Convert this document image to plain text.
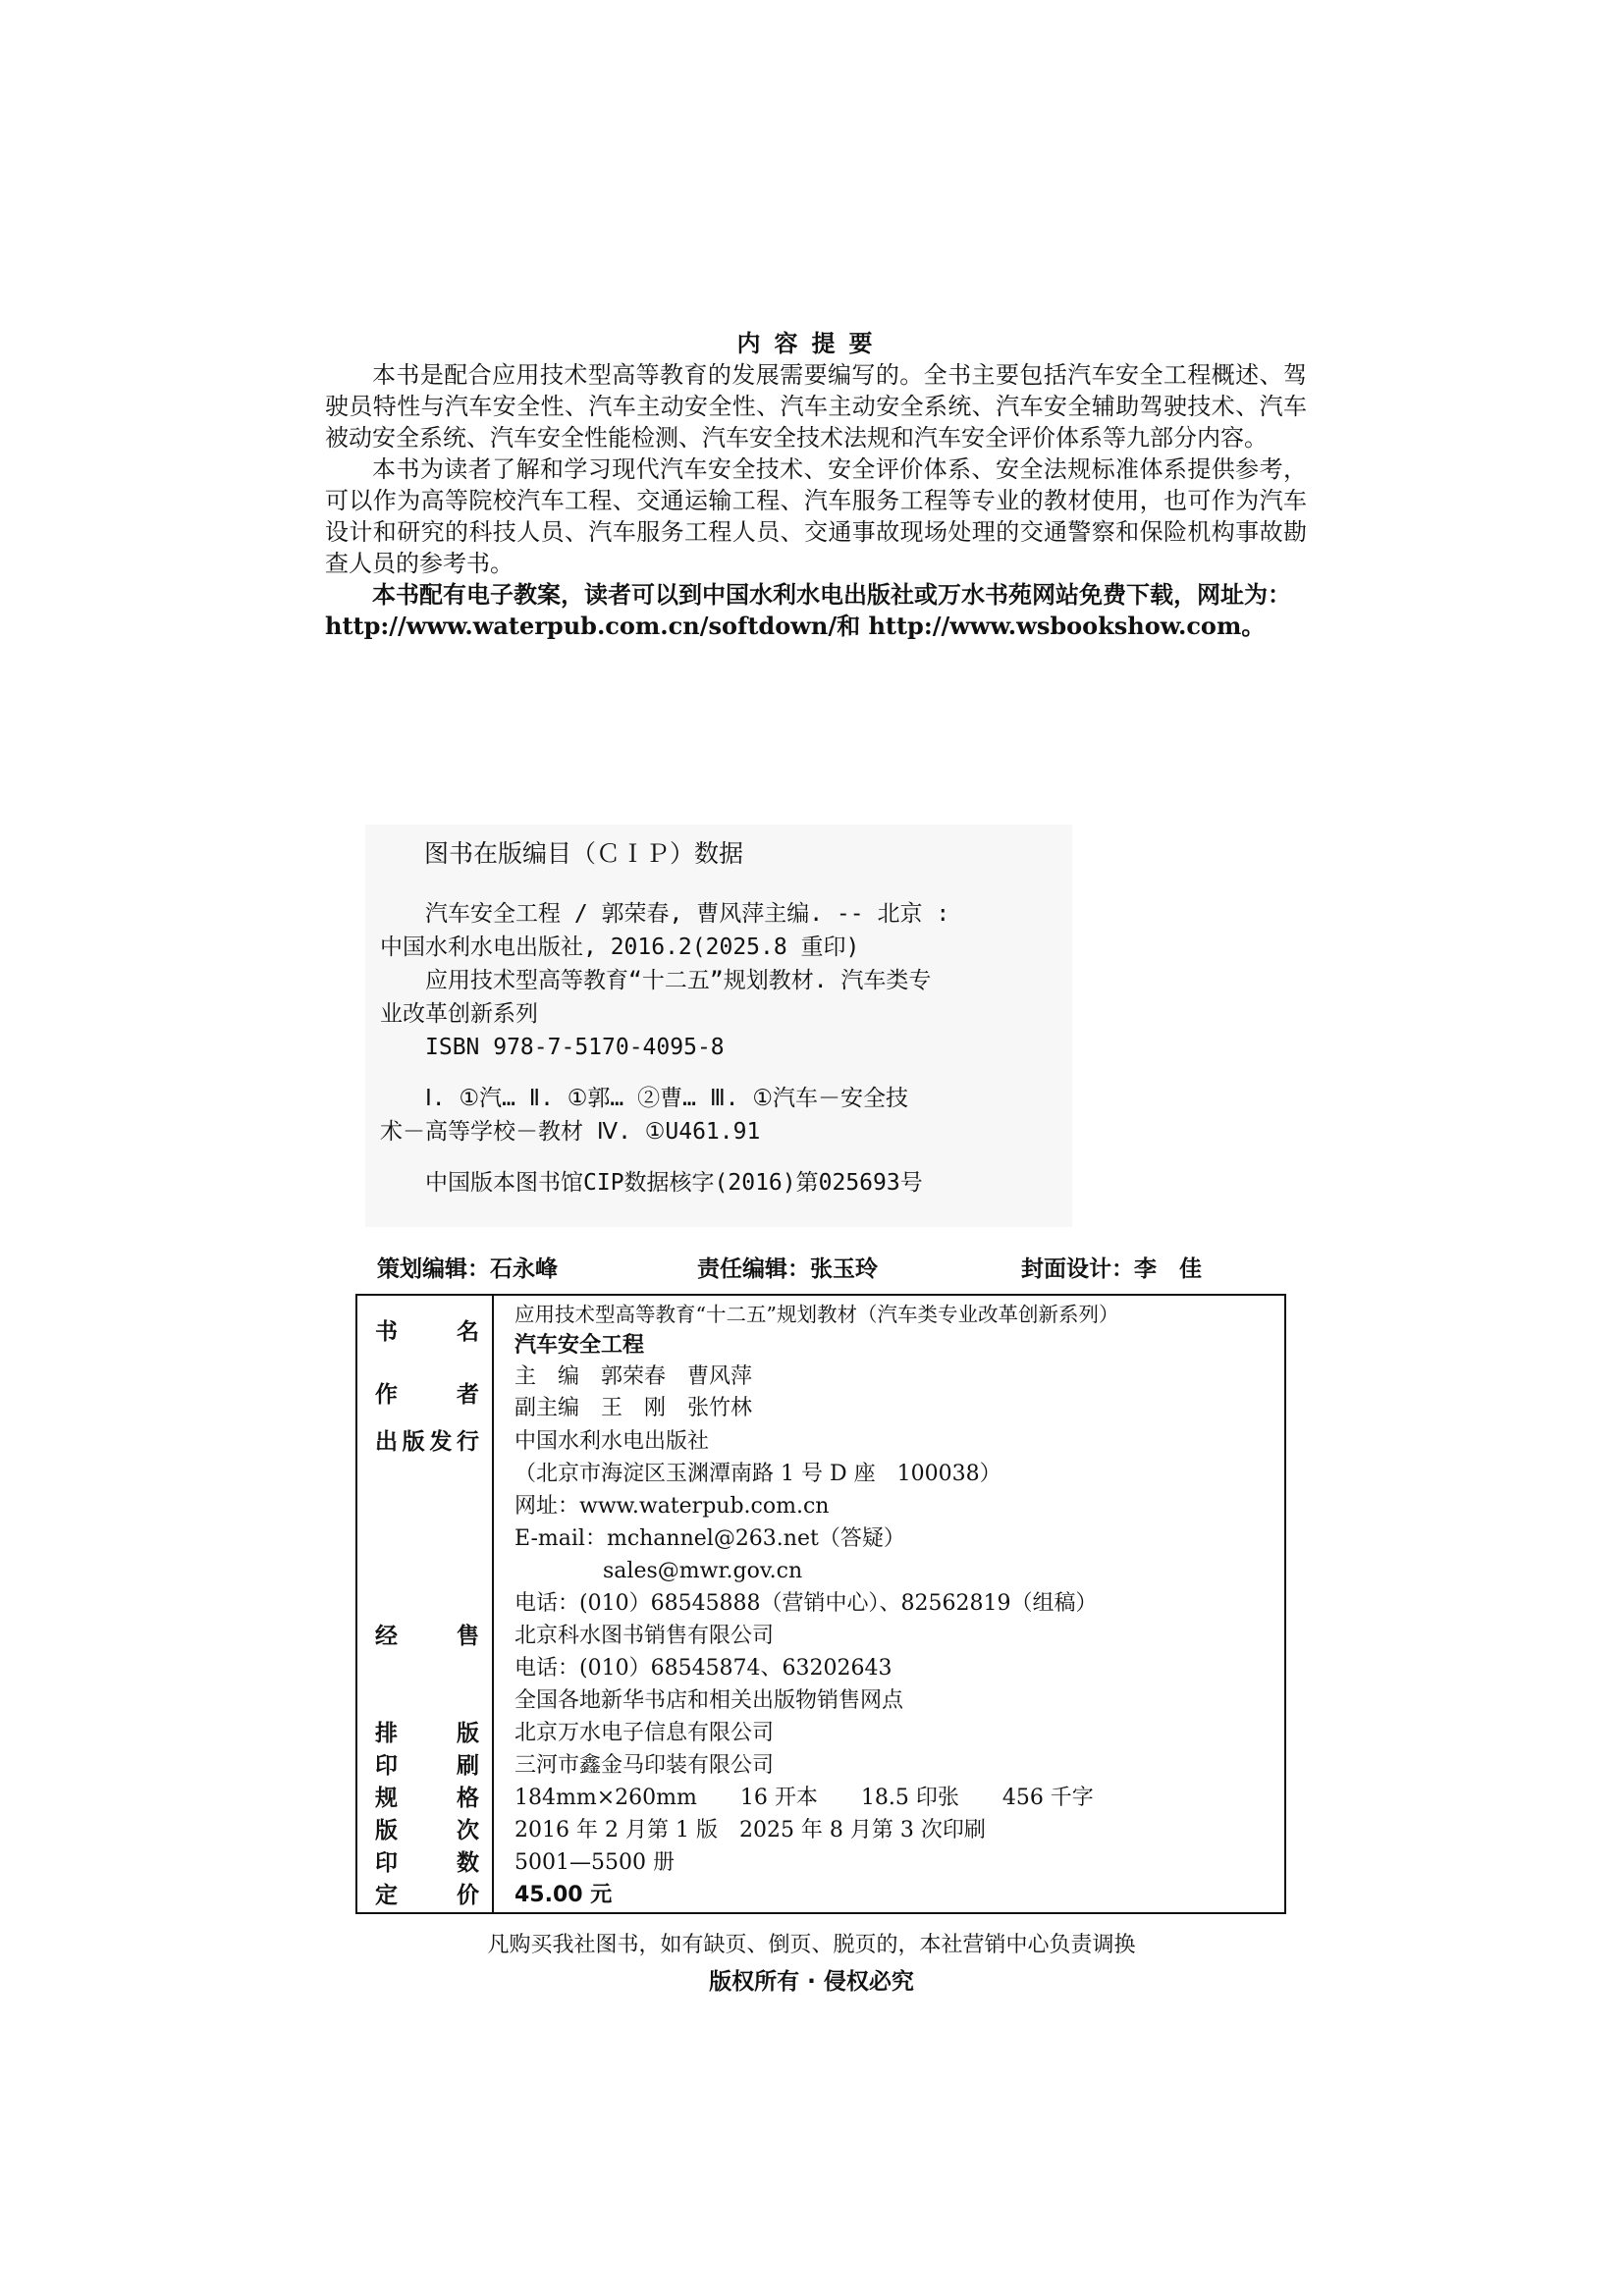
内容提要

本书是配合应用技术型高等教育的发展需要编写的。全书主要包括汽车安全工程概述、驾驶员特性与汽车安全性、汽车主动安全性、汽车主动安全系统、汽车安全辅助驾驶技术、汽车被动安全系统、汽车安全性能检测、汽车安全技术法规和汽车安全评价体系等九部分内容。

本书为读者了解和学习现代汽车安全技术、安全评价体系、安全法规标准体系提供参考，可以作为高等院校汽车工程、交通运输工程、汽车服务工程等专业的教材使用，也可作为汽车设计和研究的科技人员、汽车服务工程人员、交通事故现场处理的交通警察和保险机构事故勘查人员的参考书。

本书配有电子教案，读者可以到中国水利水电出版社或万水书苑网站免费下载，网址为：

http://www.waterpub.com.cn/softdown/和 http://www.wsbookshow.com。
图书在版编目（ＣＩＰ）数据
汽车安全工程 / 郭荣春, 曹风萍主编. -- 北京 :
中国水利水电出版社, 2016.2(2025.8 重印)
应用技术型高等教育“十二五”规划教材. 汽车类专
业改革创新系列
ISBN 978-7-5170-4095-8
Ⅰ. ①汽… Ⅱ. ①郭… ②曹… Ⅲ. ①汽车－安全技
术－高等学校－教材 Ⅳ. ①U461.91
中国版本图书馆CIP数据核字(2016)第025693号
策划编辑：石永峰	责任编辑：张玉玲	封面设计：李　佳
书名
应用技术型高等教育“十二五”规划教材（汽车类专业改革创新系列）
汽车安全工程
作者
主　编　郭荣春　曹风萍
副主编　王　刚　张竹林
出版发行 中国水利水电出版社
（北京市海淀区玉渊潭南路 1 号 D 座　100038）
网址：www.waterpub.com.cn
E-mail：mchannel@263.net（答疑）
sales@mwr.gov.cn
电话：(010）68545888（营销中心）、82562819（组稿）
经售 北京科水图书销售有限公司
电话：(010）68545874、63202643
全国各地新华书店和相关出版物销售网点
排版 北京万水电子信息有限公司
印刷 三河市鑫金马印装有限公司
规格 184mm×260mm　　16 开本　　18.5 印张　　456 千字
版次 2016 年 2 月第 1 版　2025 年 8 月第 3 次印刷
印数 5001—5500 册
定价 45.00 元
凡购买我社图书，如有缺页、倒页、脱页的，本社营销中心负责调换
版权所有 · 侵权必究
